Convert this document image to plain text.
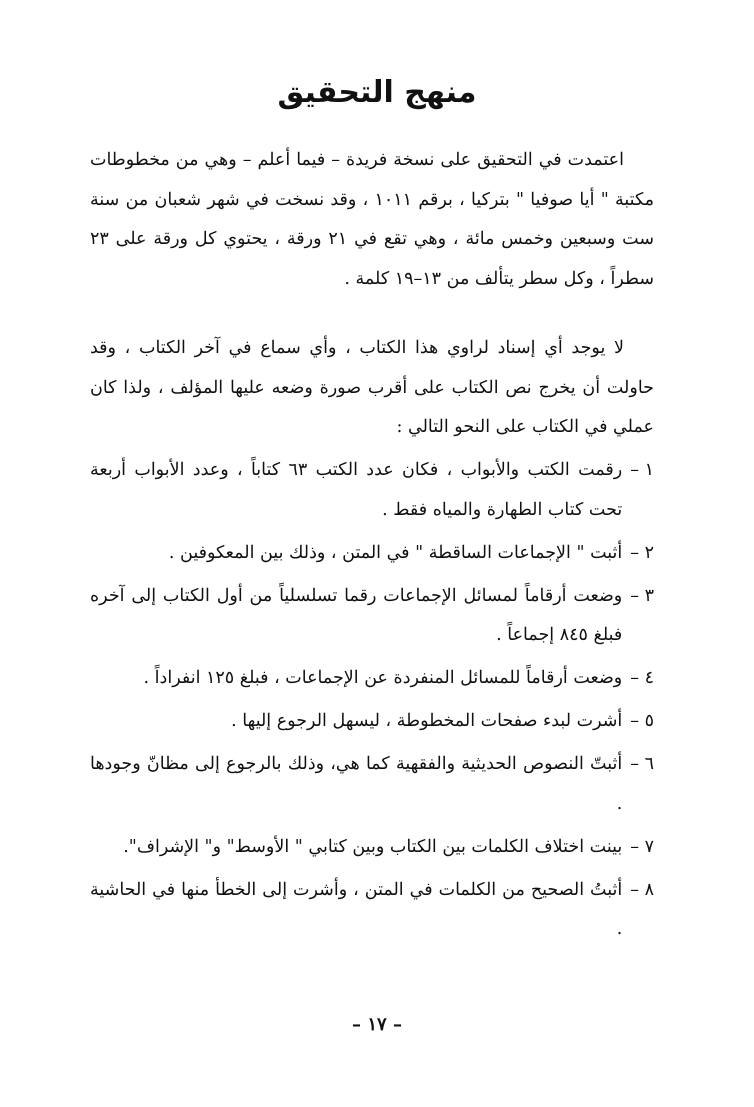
منهج التحقيق

اعتمدت في التحقيق على نسخة فريدة – فيما أعلم – وهي من مخطوطات مكتبة " أيا صوفيا " بتركيا ، برقم ١٠١١ ، وقد نسخت في شهر شعبان من سنة ست وسبعين وخمس مائة ، وهي تقع في ٢١ ورقة ، يحتوي كل ورقة على ٢٣ سطراً ، وكل سطر يتألف من ١٣–١٩ كلمة .

لا يوجد أي إسناد لراوي هذا الكتاب ، وأي سماع في آخر الكتاب ، وقد حاولت أن يخرج نص الكتاب على أقرب صورة وضعه عليها المؤلف ، ولذا كان عملي في الكتاب على النحو التالي :

١ –
رقمت الكتب والأبواب ، فكان عدد الكتب ٦٣ كتاباً ، وعدد الأبواب أربعة تحت كتاب الطهارة والمياه فقط .
٢ –
أثبت " الإجماعات الساقطة " في المتن ، وذلك بين المعكوفين .
٣ –
وضعت أرقاماً لمسائل الإجماعات رقما تسلسلياً من أول الكتاب إلى آخره فبلغ ٨٤٥ إجماعاً .
٤ –
وضعت أرقاماً للمسائل المنفردة عن الإجماعات ، فبلغ ١٢٥ انفراداً .
٥ –
أشرت لبدء صفحات المخطوطة ، ليسهل الرجوع إليها .
٦ –
أثبتّ النصوص الحديثية والفقهية كما هي، وذلك بالرجوع إلى مظانّ وجودها .
٧ –
بينت اختلاف الكلمات بين الكتاب وبين كتابي " الأوسط" و" الإشراف".
٨ –
أثبتُ الصحيح من الكلمات في المتن ، وأشرت إلى الخطأ منها في الحاشية .
– ١٧ –
